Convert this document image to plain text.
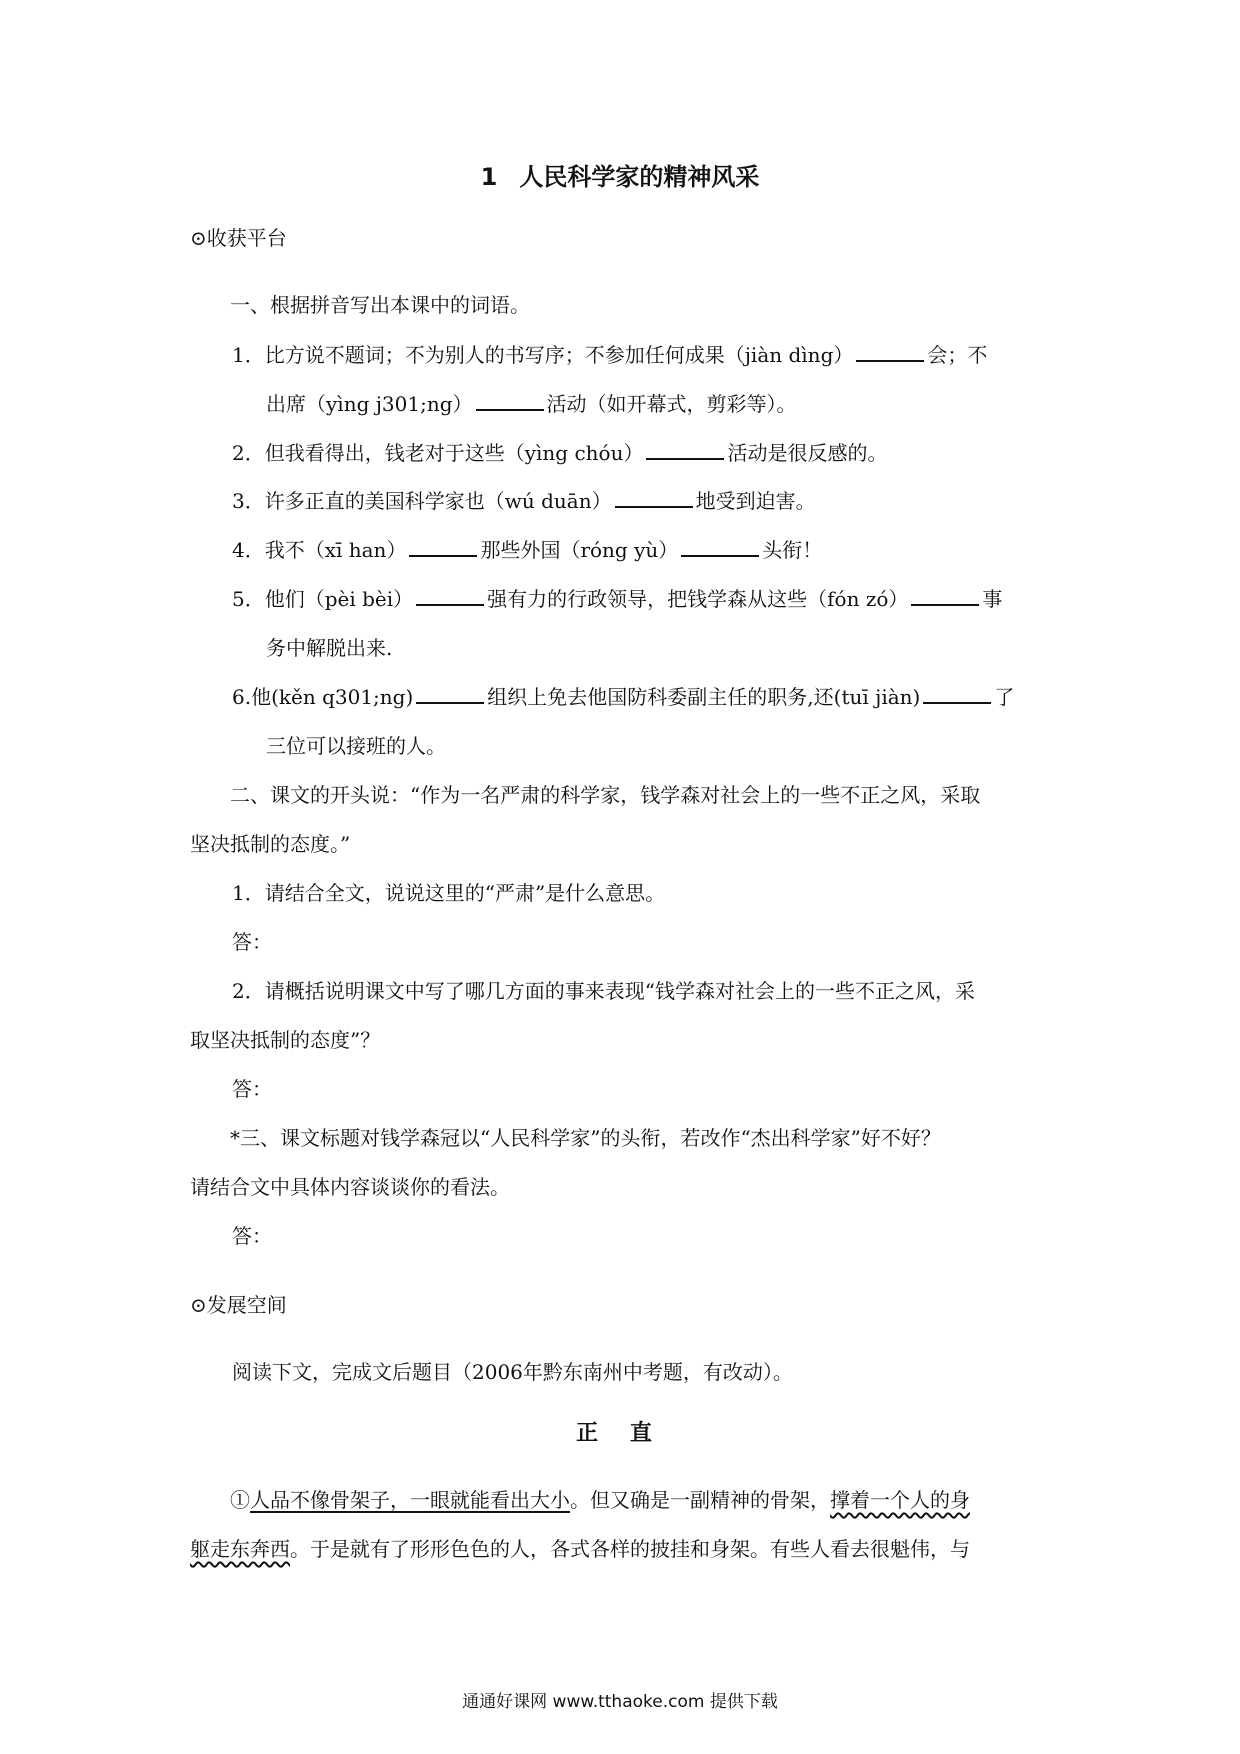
1 人民科学家的精神风采
⊙收获平台
一、根据拼音写出本课中的词语。
1．比方说不题词；不为别人的书写序；不参加任何成果（jiàn dìng）	会；不
出席（yìng j301;ng）	活动（如开幕式，剪彩等）。
2．但我看得出，钱老对于这些（yìng chóu）	活动是很反感的。
3．许多正直的美国科学家也（wú duān）	地受到迫害。
4．我不（xī han）	那些外国（róng yù）	头衔！
5．他们（pèi bèi）	强有力的行政领导，把钱学森从这些（fón zó）	事
务中解脱出来.
6.他(kěn q301;ng)	组织上免去他国防科委副主任的职务,还(tuī jiàn)	了
三位可以接班的人。
二、课文的开头说：“作为一名严肃的科学家，钱学森对社会上的一些不正之风，采取
坚决抵制的态度。”
1．请结合全文，说说这里的“严肃”是什么意思。
答：
2．请概括说明课文中写了哪几方面的事来表现“钱学森对社会上的一些不正之风，采
取坚决抵制的态度”？
答：
*三、课文标题对钱学森冠以“人民科学家”的头衔，若改作“杰出科学家”好不好？
请结合文中具体内容谈谈你的看法。
答：
⊙发展空间
阅读下文，完成文后题目（2006年黔东南州中考题，有改动）。
正 直
①人品不像骨架子，一眼就能看出大小。但又确是一副精神的骨架，撑着一个人的身
躯走东奔西。于是就有了形形色色的人，各式各样的披挂和身架。有些人看去很魁伟，与
通通好课网 www.tthaoke.com 提供下载
